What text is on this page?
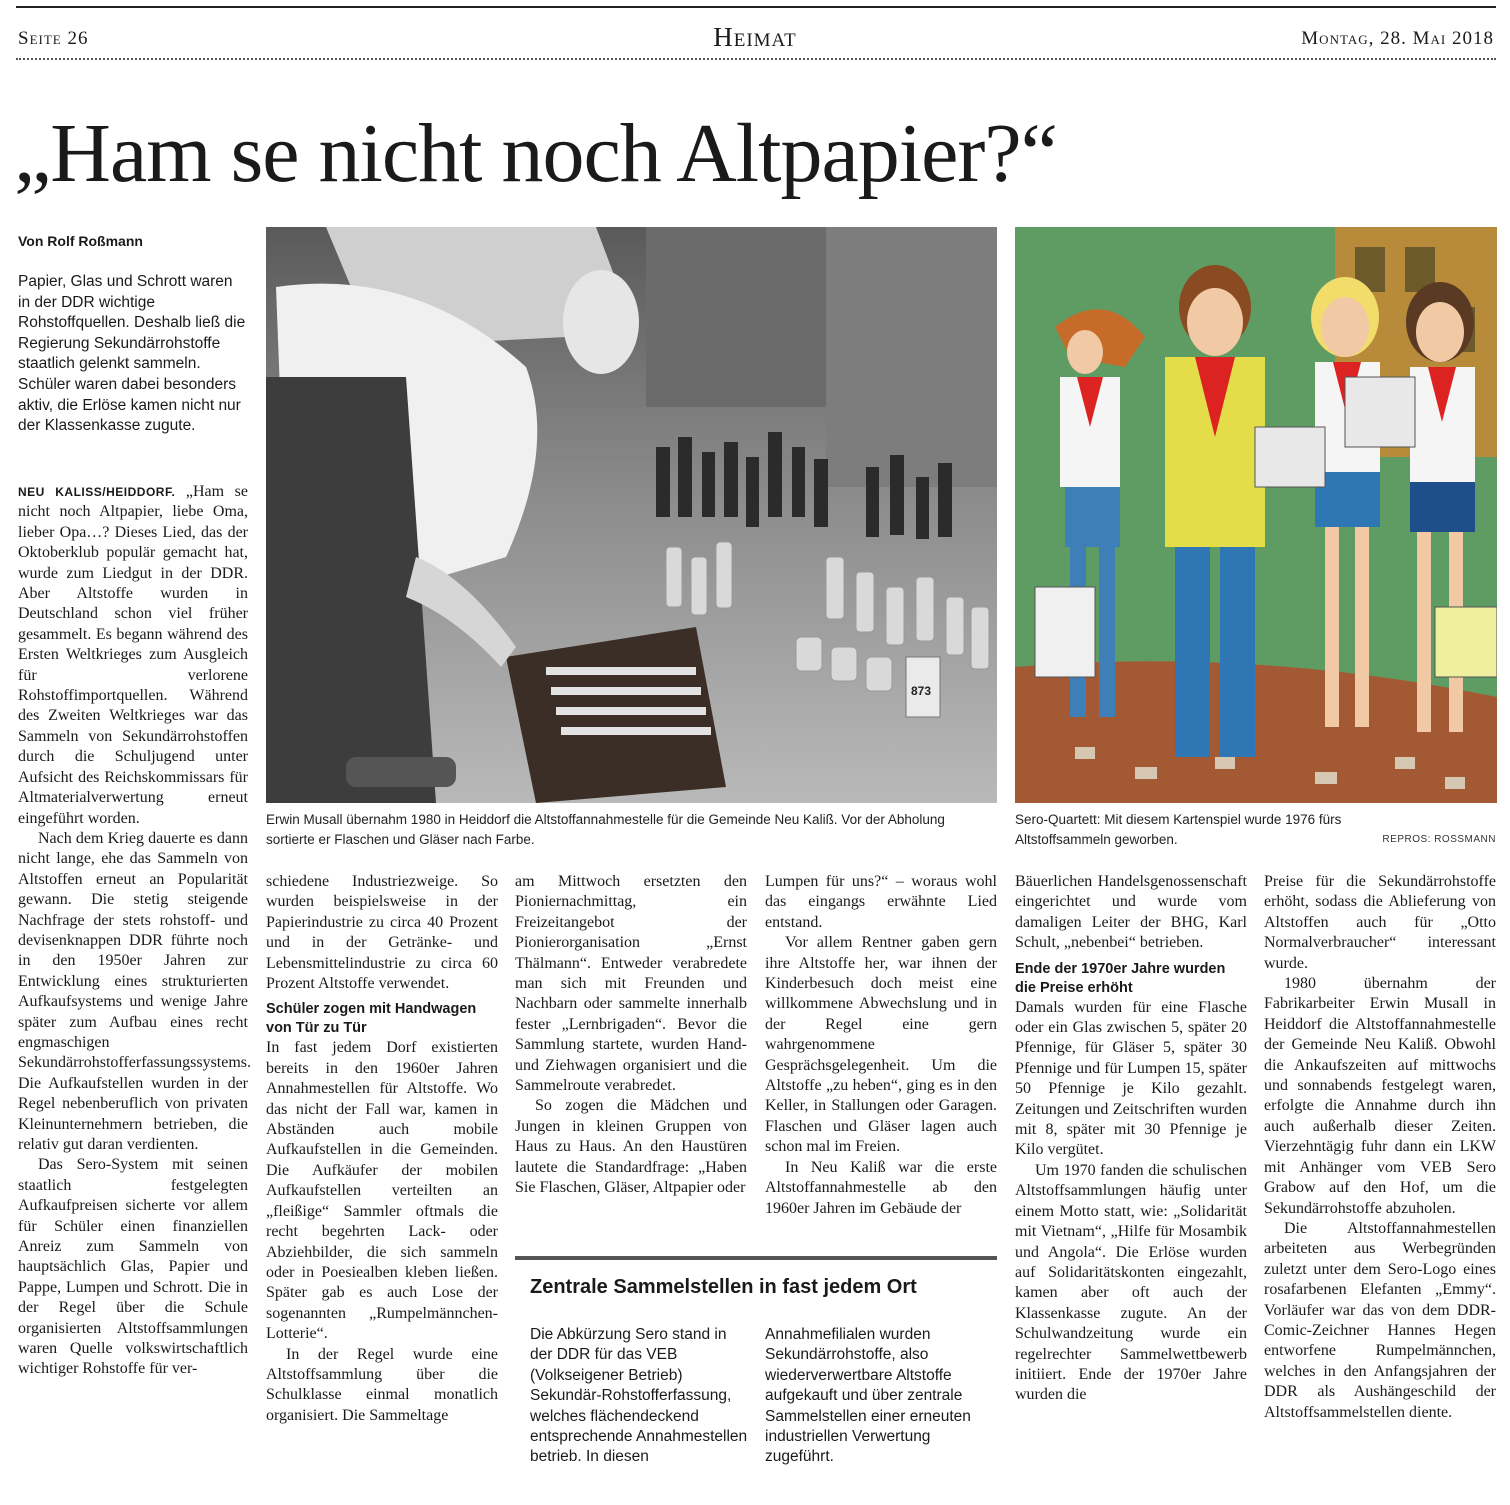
Seite 26	Heimat	Montag, 28. Mai 2018
„Ham se nicht noch Altpapier?“
Von Rolf Roßmann

Papier, Glas und Schrott waren in der DDR wichtige Rohstoffquellen. Deshalb ließ die Regierung Sekundärrohstoffe staatlich gelenkt sammeln. Schüler waren dabei besonders aktiv, die Erlöse kamen nicht nur der Klassenkasse zugute.

NEU KALISS/HEIDDORF. „Ham se nicht noch Altpapier, liebe Oma, lieber Opa…? Dieses Lied, das der Oktoberklub populär gemacht hat, wurde zum Liedgut in der DDR. Aber Altstoffe wurden in Deutschland schon viel früher gesammelt. Es begann während des Ersten Weltkrieges zum Ausgleich für verlorene Rohstoffimportquellen. Während des Zweiten Weltkrieges war das Sammeln von Sekundärrohstoffen durch die Schuljugend unter Aufsicht des Reichskommissars für Altmaterialverwertung erneut eingeführt worden.

Nach dem Krieg dauerte es dann nicht lange, ehe das Sammeln von Altstoffen erneut an Popularität gewann. Die stetig steigende Nachfrage der stets rohstoff- und devisenknappen DDR führte noch in den 1950er Jahren zur Entwicklung eines strukturierten Aufkaufsystems und wenige Jahre später zum Aufbau eines recht engmaschigen Sekundärrohstofferfassungssystems. Die Aufkaufstellen wurden in der Regel nebenberuflich von privaten Kleinunternehmern betrieben, die relativ gut daran verdienten.

Das Sero-System mit seinen staatlich festgelegten Aufkaufpreisen sicherte vor allem für Schüler einen finanziellen Anreiz zum Sammeln von hauptsächlich Glas, Papier und Pappe, Lumpen und Schrott. Die in der Regel über die Schule organisierten Altstoffsammlungen waren Quelle volkswirtschaftlich wichtiger Rohstoffe für ver-

873
Erwin Musall übernahm 1980 in Heiddorf die Altstoffannahmestelle für die Gemeinde Neu Kaliß. Vor der Abholung sortierte er Flaschen und Gläser nach Farbe.
Sero-Quartett: Mit diesem Kartenspiel wurde 1976 fürs Altstoffsammeln geworben.	REPROS: ROSSMANN

schiedene Industriezweige. So wurden beispielsweise in der Papierindustrie zu circa 40 Prozent und in der Getränke- und Lebensmittelindustrie zu circa 60 Prozent Altstoffe verwendet.

Schüler zogen mit Handwagen von Tür zu Tür

In fast jedem Dorf existierten bereits in den 1960er Jahren Annahmestellen für Altstoffe. Wo das nicht der Fall war, kamen in Abständen auch mobile Aufkaufstellen in die Gemeinden. Die Aufkäufer der mobilen Aufkaufstellen verteilten an „fleißige“ Sammler oftmals die recht begehrten Lack- oder Abziehbilder, die sich sammeln oder in Poesiealben kleben ließen. Später gab es auch Lose der sogenannten „Rumpelmännchen-Lotterie“.

In der Regel wurde eine Altstoffsammlung über die Schulklasse einmal monatlich organisiert. Die Sammeltage

am Mittwoch ersetzten den Pioniernachmittag, ein Freizeitangebot der Pionierorganisation „Ernst Thälmann“. Entweder verabredete man sich mit Freunden und Nachbarn oder sammelte innerhalb fester „Lernbrigaden“. Bevor die Sammlung startete, wurden Hand- und Ziehwagen organisiert und die Sammelroute verabredet.

So zogen die Mädchen und Jungen in kleinen Gruppen von Haus zu Haus. An den Haustüren lautete die Standardfrage: „Haben Sie Flaschen, Gläser, Altpapier oder

Lumpen für uns?“ – woraus wohl das eingangs erwähnte Lied entstand.

Vor allem Rentner gaben gern ihre Altstoffe her, war ihnen der Kinderbesuch doch meist eine willkommene Abwechslung und in der Regel eine gern wahrgenommene Gesprächsgelegenheit. Um die Altstoffe „zu heben“, ging es in den Keller, in Stallungen oder Garagen. Flaschen und Gläser lagen auch schon mal im Freien.

In Neu Kaliß war die erste Altstoffannahmestelle ab den 1960er Jahren im Gebäude der

Zentrale Sammelstellen in fast jedem Ort

Die Abkürzung Sero stand in der DDR für das VEB (Volkseigener Betrieb) Sekundär-Rohstofferfassung, welches flächendeckend entsprechende Annahmestellen betrieb. In diesen

Annahmefilialen wurden Sekundärrohstoffe, also wiederverwertbare Altstoffe aufgekauft und über zentrale Sammelstellen einer erneuten industriellen Verwertung zugeführt.

Bäuerlichen Handelsgenossenschaft eingerichtet und wurde vom damaligen Leiter der BHG, Karl Schult, „nebenbei“ betrieben.

Ende der 1970er Jahre wurden die Preise erhöht

Damals wurden für eine Flasche oder ein Glas zwischen 5, später 20 Pfennige, für Gläser 5, später 30 Pfennige und für Lumpen 15, später 50 Pfennige je Kilo gezahlt. Zeitungen und Zeitschriften wurden mit 8, später mit 30 Pfennige je Kilo vergütet.

Um 1970 fanden die schulischen Altstoffsammlungen häufig unter einem Motto statt, wie: „Solidarität mit Vietnam“, „Hilfe für Mosambik und Angola“. Die Erlöse wurden auf Solidaritätskonten eingezahlt, kamen aber oft auch der Klassenkasse zugute. An der Schulwandzeitung wurde ein regelrechter Sammelwettbewerb initiiert. Ende der 1970er Jahre wurden die

Preise für die Sekundärrohstoffe erhöht, sodass die Ablieferung von Altstoffen auch für „Otto Normalverbraucher“ interessant wurde.

1980 übernahm der Fabrikarbeiter Erwin Musall in Heiddorf die Altstoffannahmestelle der Gemeinde Neu Kaliß. Obwohl die Ankaufszeiten auf mittwochs und sonnabends festgelegt waren, erfolgte die Annahme durch ihn auch außerhalb dieser Zeiten. Vierzehntägig fuhr dann ein LKW mit Anhänger vom VEB Sero Grabow auf den Hof, um die Sekundärrohstoffe abzuholen.

Die Altstoffannahmestellen arbeiteten aus Werbegründen zuletzt unter dem Sero-Logo eines rosafarbenen Elefanten „Emmy“. Vorläufer war das von dem DDR-Comic-Zeichner Hannes Hegen entworfene Rumpelmännchen, welches in den Anfangsjahren der DDR als Aushängeschild der Altstoffsammelstellen diente.
